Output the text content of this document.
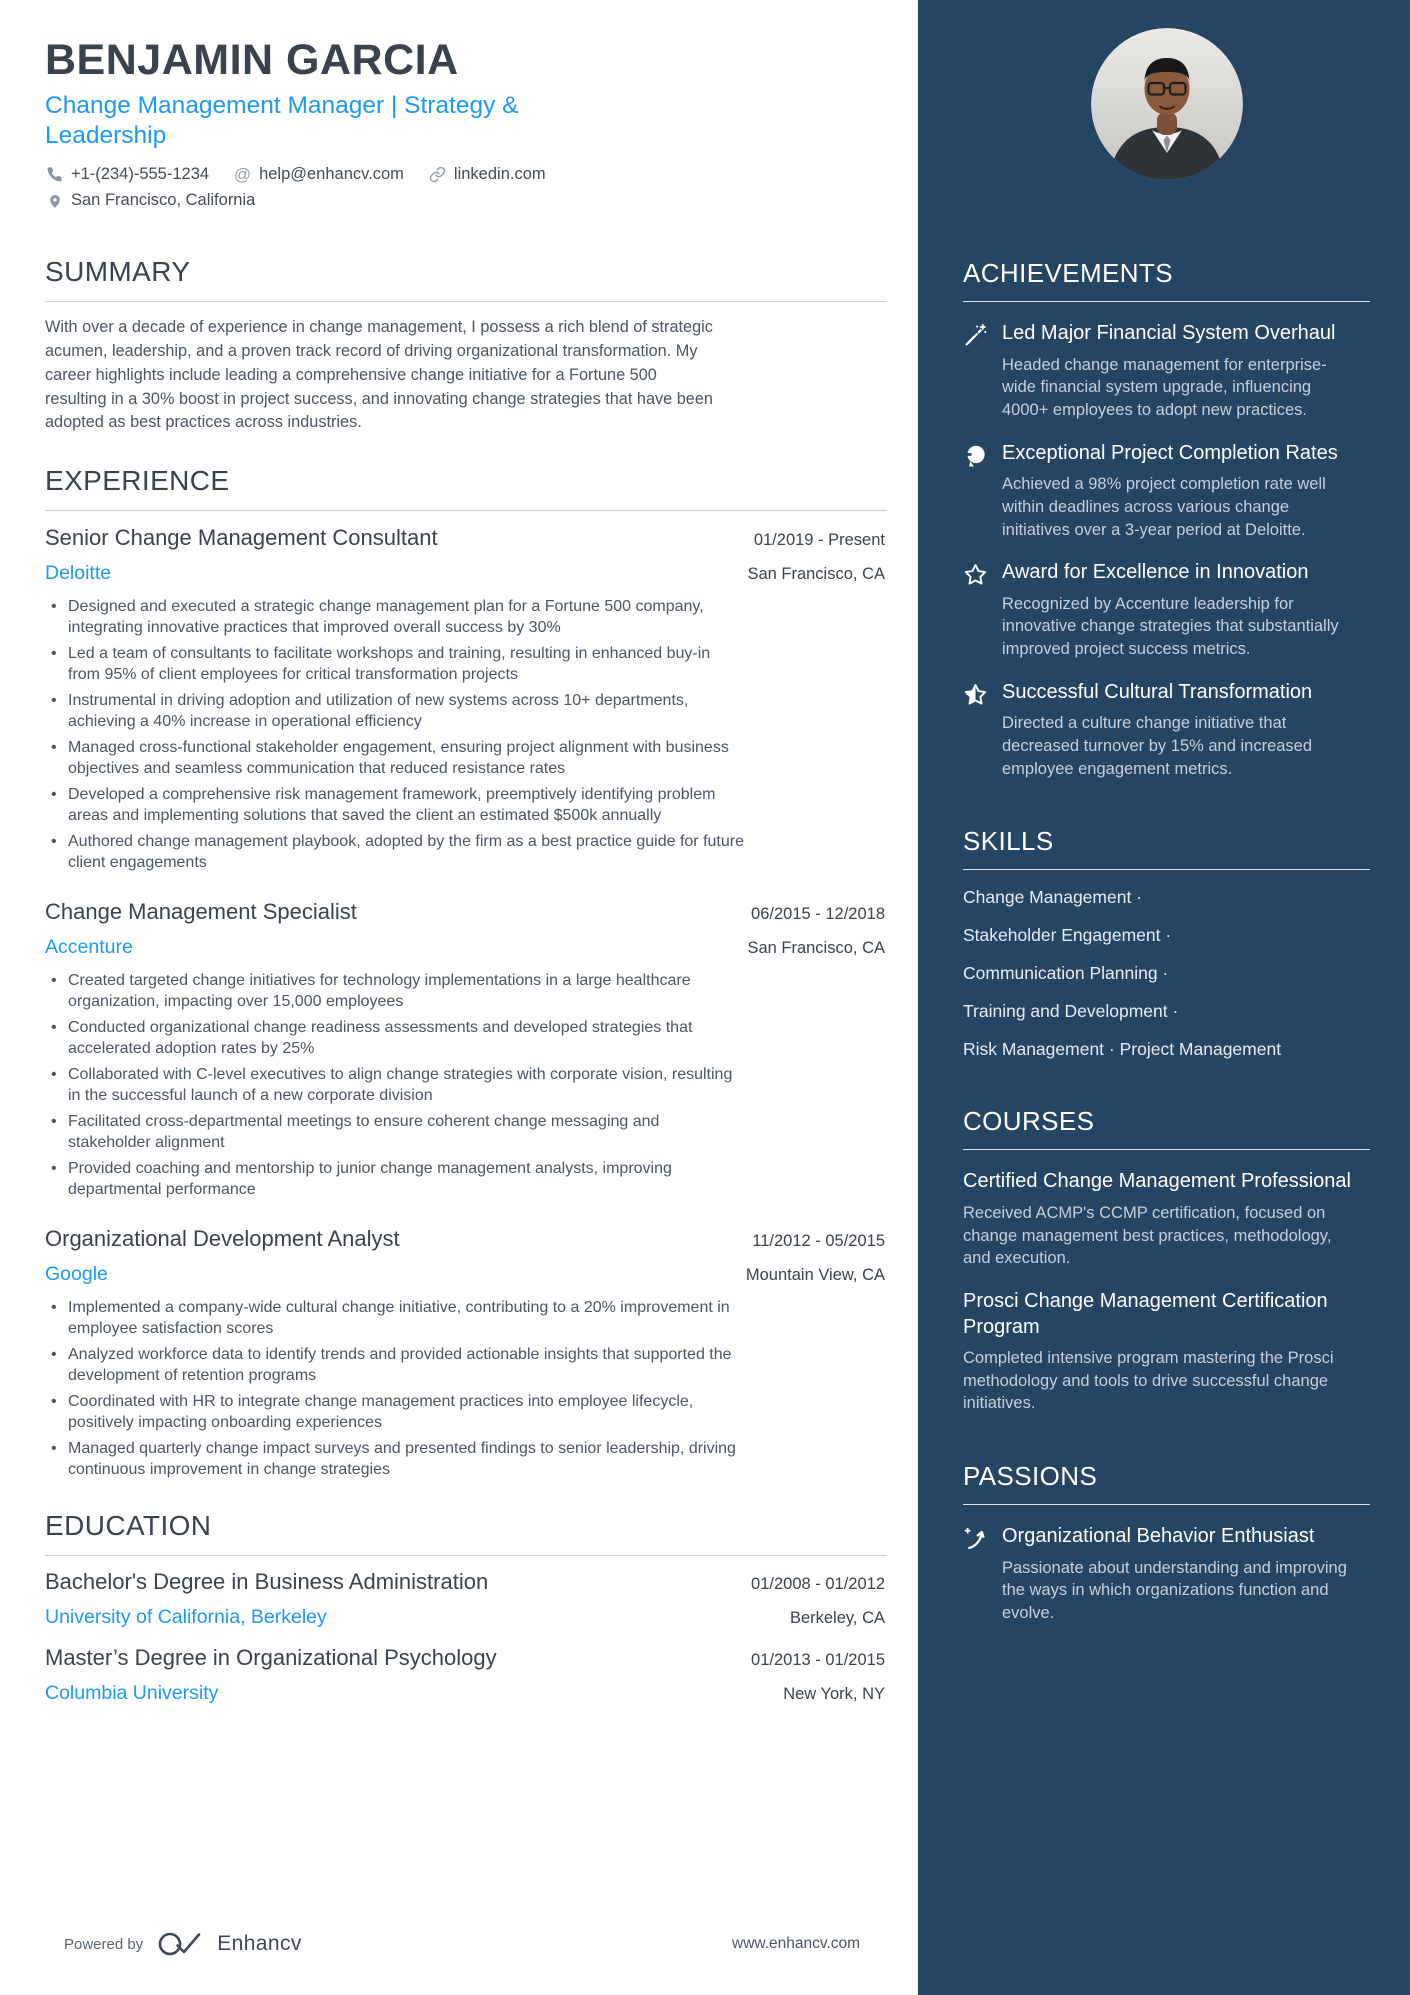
BENJAMIN GARCIA
Change Management Manager | Strategy & Leadership
+1-(234)-555-1234 @ help@enhancv.com	linkedin.com
San Francisco, California
SUMMARY

With over a decade of experience in change management, I possess a rich blend of strategic acumen, leadership, and a proven track record of driving organizational transformation. My career highlights include leading a comprehensive change initiative for a Fortune 500 resulting in a 30% boost in project success, and innovating change strategies that have been adopted as best practices across industries.

EXPERIENCE
Senior Change Management Consultant	01/2019 - Present
Deloitte	San Francisco, CA
• Designed and executed a strategic change management plan for a Fortune 500 company, integrating innovative practices that improved overall success by 30%
• Led a team of consultants to facilitate workshops and training, resulting in enhanced buy-in from 95% of client employees for critical transformation projects
• Instrumental in driving adoption and utilization of new systems across 10+ departments, achieving a 40% increase in operational efficiency
• Managed cross-functional stakeholder engagement, ensuring project alignment with business objectives and seamless communication that reduced resistance rates
• Developed a comprehensive risk management framework, preemptively identifying problem areas and implementing solutions that saved the client an estimated $500k annually
• Authored change management playbook, adopted by the firm as a best practice guide for future client engagements
Change Management Specialist	06/2015 - 12/2018
Accenture	San Francisco, CA
• Created targeted change initiatives for technology implementations in a large healthcare organization, impacting over 15,000 employees
• Conducted organizational change readiness assessments and developed strategies that accelerated adoption rates by 25%
• Collaborated with C-level executives to align change strategies with corporate vision, resulting in the successful launch of a new corporate division
• Facilitated cross-departmental meetings to ensure coherent change messaging and stakeholder alignment
• Provided coaching and mentorship to junior change management analysts, improving departmental performance
Organizational Development Analyst	11/2012 - 05/2015
Google	Mountain View, CA
• Implemented a company-wide cultural change initiative, contributing to a 20% improvement in employee satisfaction scores
• Analyzed workforce data to identify trends and provided actionable insights that supported the development of retention programs
• Coordinated with HR to integrate change management practices into employee lifecycle, positively impacting onboarding experiences
• Managed quarterly change impact surveys and presented findings to senior leadership, driving continuous improvement in change strategies
EDUCATION
Bachelor's Degree in Business Administration	01/2008 - 01/2012
University of California, Berkeley	Berkeley, CA
Master’s Degree in Organizational Psychology	01/2013 - 01/2015
Columbia University	New York, NY
ACHIEVEMENTS
Led Major Financial System Overhaul
Headed change management for enterprise-wide financial system upgrade, influencing 4000+ employees to adopt new practices.
Exceptional Project Completion Rates
Achieved a 98% project completion rate well within deadlines across various change initiatives over a 3-year period at Deloitte.
Award for Excellence in Innovation
Recognized by Accenture leadership for innovative change strategies that substantially improved project success metrics.
Successful Cultural Transformation
Directed a culture change initiative that decreased turnover by 15% and increased employee engagement metrics.
SKILLS
Change Management ·
Stakeholder Engagement ·
Communication Planning ·
Training and Development ·
Risk Management · Project Management
COURSES
Certified Change Management Professional
Received ACMP's CCMP certification, focused on change management best practices, methodology, and execution.
Prosci Change Management Certification Program
Completed intensive program mastering the Prosci methodology and tools to drive successful change initiatives.
PASSIONS
Organizational Behavior Enthusiast
Passionate about understanding and improving the ways in which organizations function and evolve.
Powered by	Enhancv	www.enhancv.com
